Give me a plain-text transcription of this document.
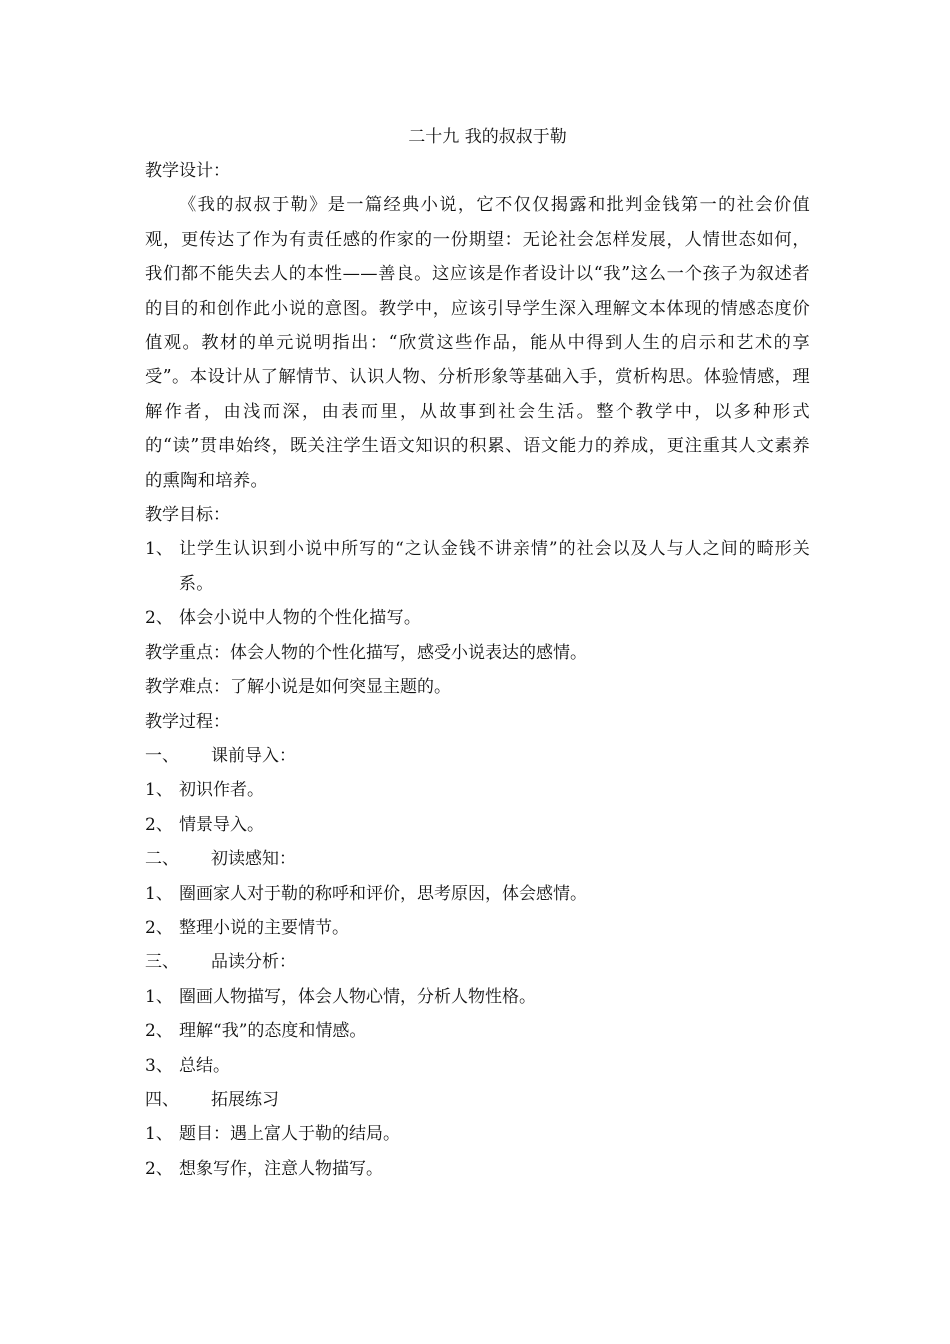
二十九 我的叔叔于勒
教学设计：

《我的叔叔于勒》是一篇经典小说，它不仅仅揭露和批判金钱第一的社会价值观，更传达了作为有责任感的作家的一份期望：无论社会怎样发展，人情世态如何，我们都不能失去人的本性——善良。这应该是作者设计以“我”这么一个孩子为叙述者的目的和创作此小说的意图。教学中，应该引导学生深入理解文本体现的情感态度价值观。教材的单元说明指出：“欣赏这些作品，能从中得到人生的启示和艺术的享受”。本设计从了解情节、认识人物、分析形象等基础入手，赏析构思。体验情感，理解作者，由浅而深，由表而里，从故事到社会生活。整个教学中，以多种形式的“读”贯串始终，既关注学生语文知识的积累、语文能力的养成，更注重其人文素养的熏陶和培养。

教学目标：
1、 让学生认识到小说中所写的“之认金钱不讲亲情”的社会以及人与人之间的畸形关系。
2、 体会小说中人物的个性化描写。
教学重点：体会人物的个性化描写，感受小说表达的感情。
教学难点：了解小说是如何突显主题的。
教学过程：
一、 课前导入：
1、 初识作者。
2、 情景导入。
二、 初读感知：
1、 圈画家人对于勒的称呼和评价，思考原因，体会感情。
2、 整理小说的主要情节。
三、 品读分析：
1、 圈画人物描写，体会人物心情，分析人物性格。
2、 理解“我”的态度和情感。
3、 总结。
四、 拓展练习
1、 题目：遇上富人于勒的结局。
2、 想象写作，注意人物描写。
